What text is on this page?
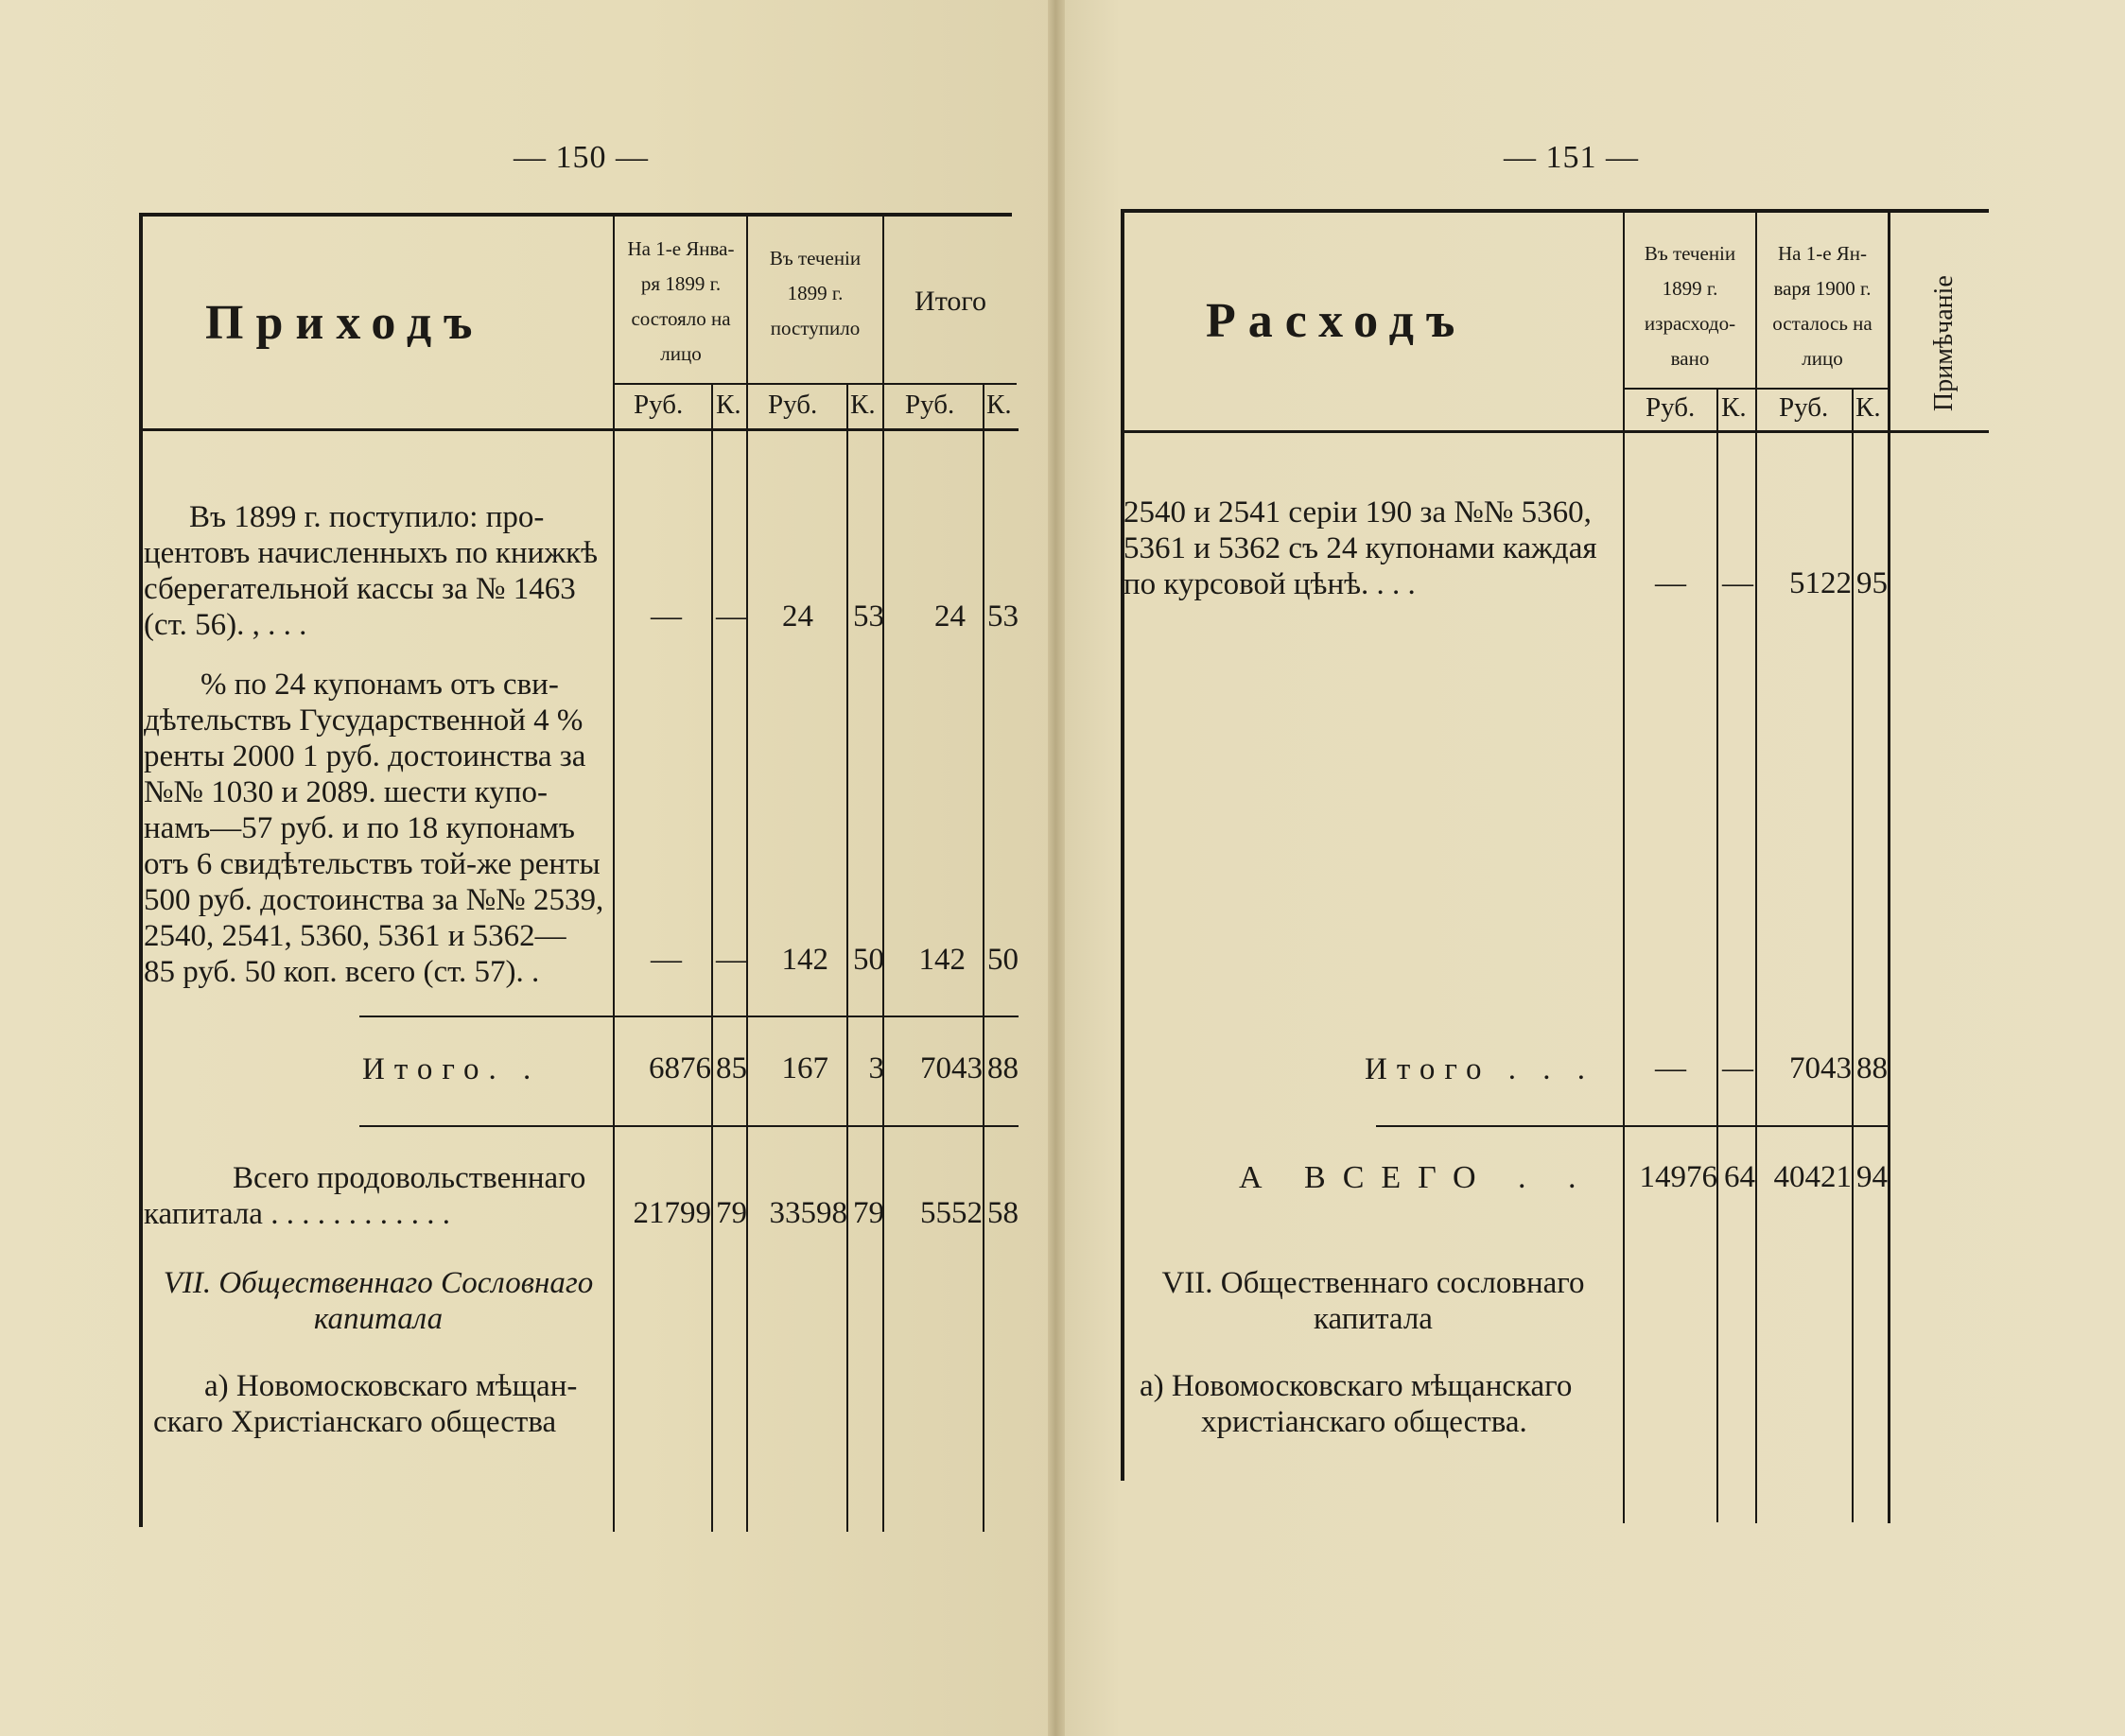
— 150 —
Приходъ
На 1-е Янва-
ря 1899 г.
состояло на
лицо
Въ теченіи
1899 г.
поступило
Итого
Руб. К. Руб. К. Руб. К.
Въ 1899 г. поступило: про-
центовъ начисленныхъ по книжкѣ
сберегательной кассы за № 1463
(ст. 56). , . . .	— —	24 53	24 53
% по 24 купонамъ отъ сви-
дѣтельствъ Гусударственной 4 %
ренты 2000 1 руб. достоинства за
№№ 1030 и 2089. шести купо-
намъ—57 руб. и по 18 купонамъ
отъ 6 свидѣтельствъ той-же ренты
500 руб. достоинства за №№ 2539,
2540, 2541, 5360, 5361 и 5362—
85 руб. 50 коп. всего (ст. 57). .	— —	142 50	142 50
Итого. .	6876 85	167	3	7043 88
Всего продовольственнаго
капитала . . . . . . . . . . . .	21799 79 33598 79	5552 58
VII. Общественнаго Сословнаго
капитала
а) Новомосковскаго мѣщан-
скаго Христіанскаго общества
— 151 —
Расходъ
Въ теченіи
1899 г.
израсходо-
вано
На 1-е Ян-
варя 1900 г.
осталось на
лицо	Примѣчаніе
Руб. К. Руб. К.
2540 и 2541 серіи 190 за №№ 5360,
5361 и 5362 съ 24 купонами каждая
по курсовой цѣнѣ. . . .	— —	5122 95
Итого . . . — —	7043 88
А ВСЕГО . .	14976 64 40421 94
VII. Общественнаго сословнаго
капитала
а) Новомосковскаго мѣщанскаго
христіанскаго общества.
